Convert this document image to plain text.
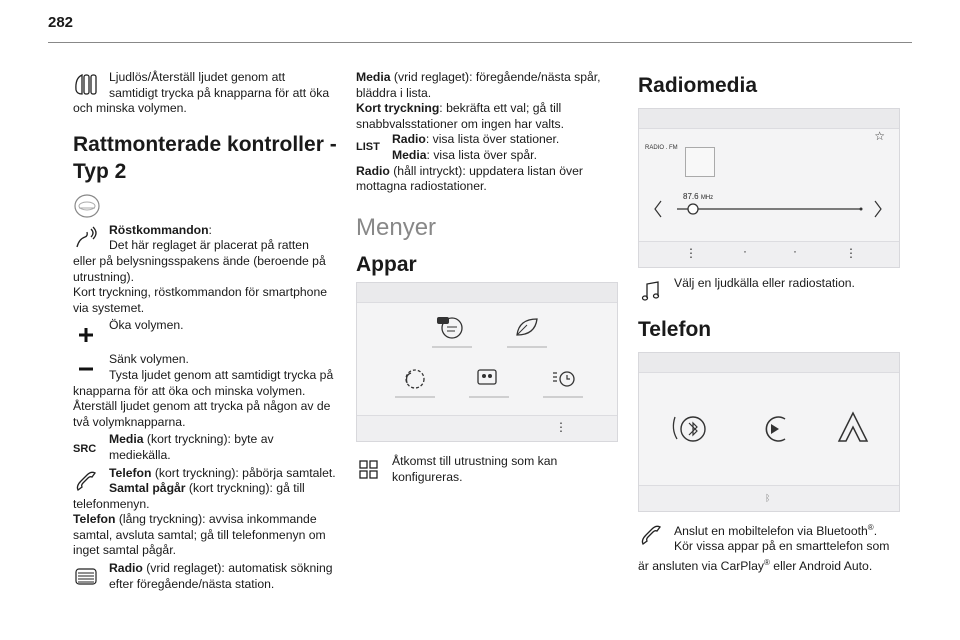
282
Ljudlös/Återställ ljudet genom att
samtidigt trycka på knapparna för att öka
och minska volymen.
Rattmonterade kontroller -
Typ 2
Röstkommandon:
Det här reglaget är placerat på ratten
eller på belysningsspakens ände (beroende på
utrustning).
Kort tryckning, röstkommandon för smartphone
via systemet.
Öka volymen.
Sänk volymen.
Tysta ljudet genom att samtidigt trycka på
knapparna för att öka och minska volymen.
Återställ ljudet genom att trycka på någon av de
två volymknapparna.
SRC
Media (kort tryckning): byte av
mediekälla.
Telefon (kort tryckning): påbörja samtalet.
Samtal pågår (kort tryckning): gå till
telefonmenyn.
Telefon (lång tryckning): avvisa inkommande
samtal, avsluta samtal; gå till telefonmenyn om
inget samtal pågår.
Radio (vrid reglaget): automatisk sökning
efter föregående/nästa station.
Media (vrid reglaget): föregående/nästa spår,
bläddra i lista.
Kort tryckning: bekräfta ett val; gå till
snabbvalsstationer om ingen har valts.
LIST
Radio: visa lista över stationer.
Media: visa lista över spår.
Radio (håll intryckt): uppdatera listan över
mottagna radiostationer.
Menyer
Appar
⋮
Åtkomst till utrustning som kan
konfigureras.
Radiomedia
RADIO . FM
☆
87.6 MHz
⋮	·	·	⋮
Välj en ljudkälla eller radiostation.
Telefon
ᛒ
Anslut en mobiltelefon via Bluetooth®.
Kör vissa appar på en smarttelefon som
är ansluten via CarPlay® eller Android Auto.
